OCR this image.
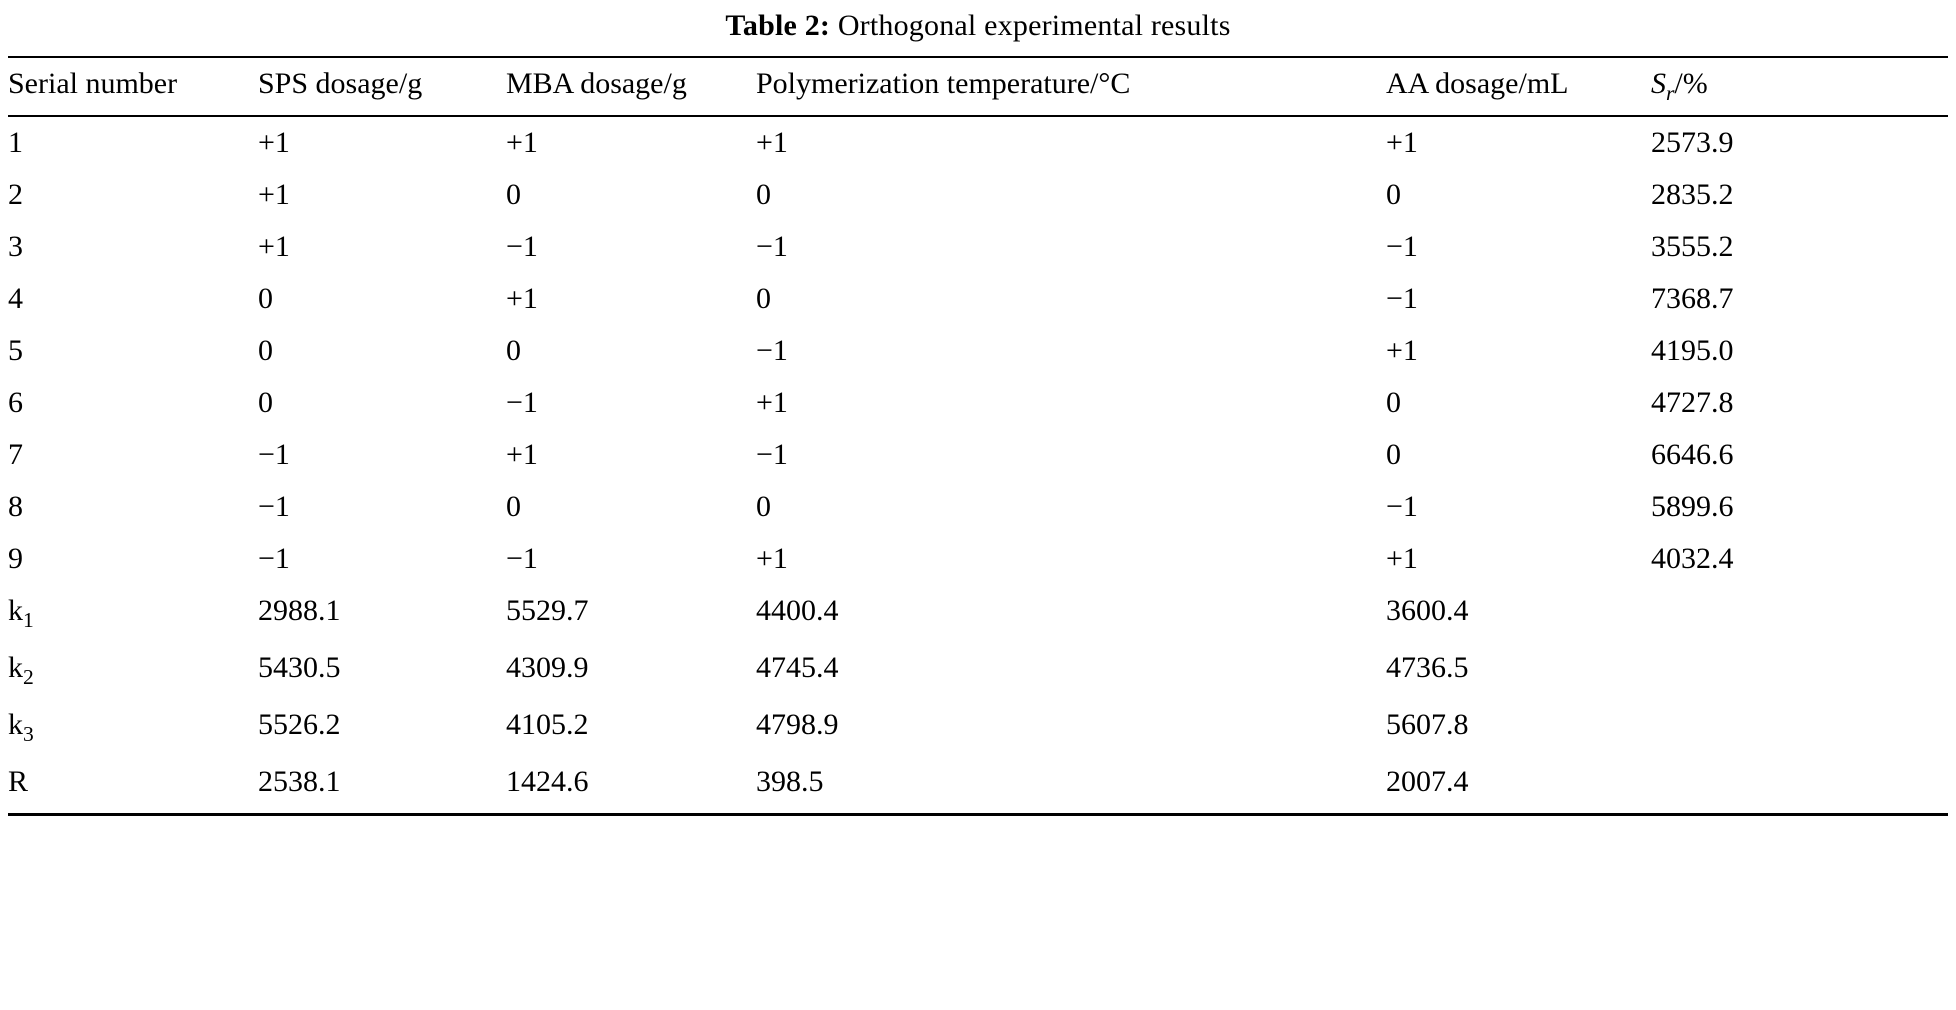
Table 2: Orthogonal experimental results
Serial number	SPS dosage/g	MBA dosage/g	Polymerization temperature/°C	AA dosage/mL	$S_r/\%$
1	+1	+1	+1	+1	2573.9
2	+1	0	0	0	2835.2
3	+1	−1	−1	−1	3555.2
4	0	+1	0	−1	7368.7
5	0	0	−1	+1	4195.0
6	0	−1	+1	0	4727.8
7	−1	+1	−1	0	6646.6
8	−1	0	0	−1	5899.6
9	−1	−1	+1	+1	4032.4
$k_1$	2988.1	5529.7	4400.4	3600.4	
$k_2$	5430.5	4309.9	4745.4	4736.5	
$k_3$	5526.2	4105.2	4798.9	5607.8	
R	2538.1	1424.6	398.5	2007.4	
